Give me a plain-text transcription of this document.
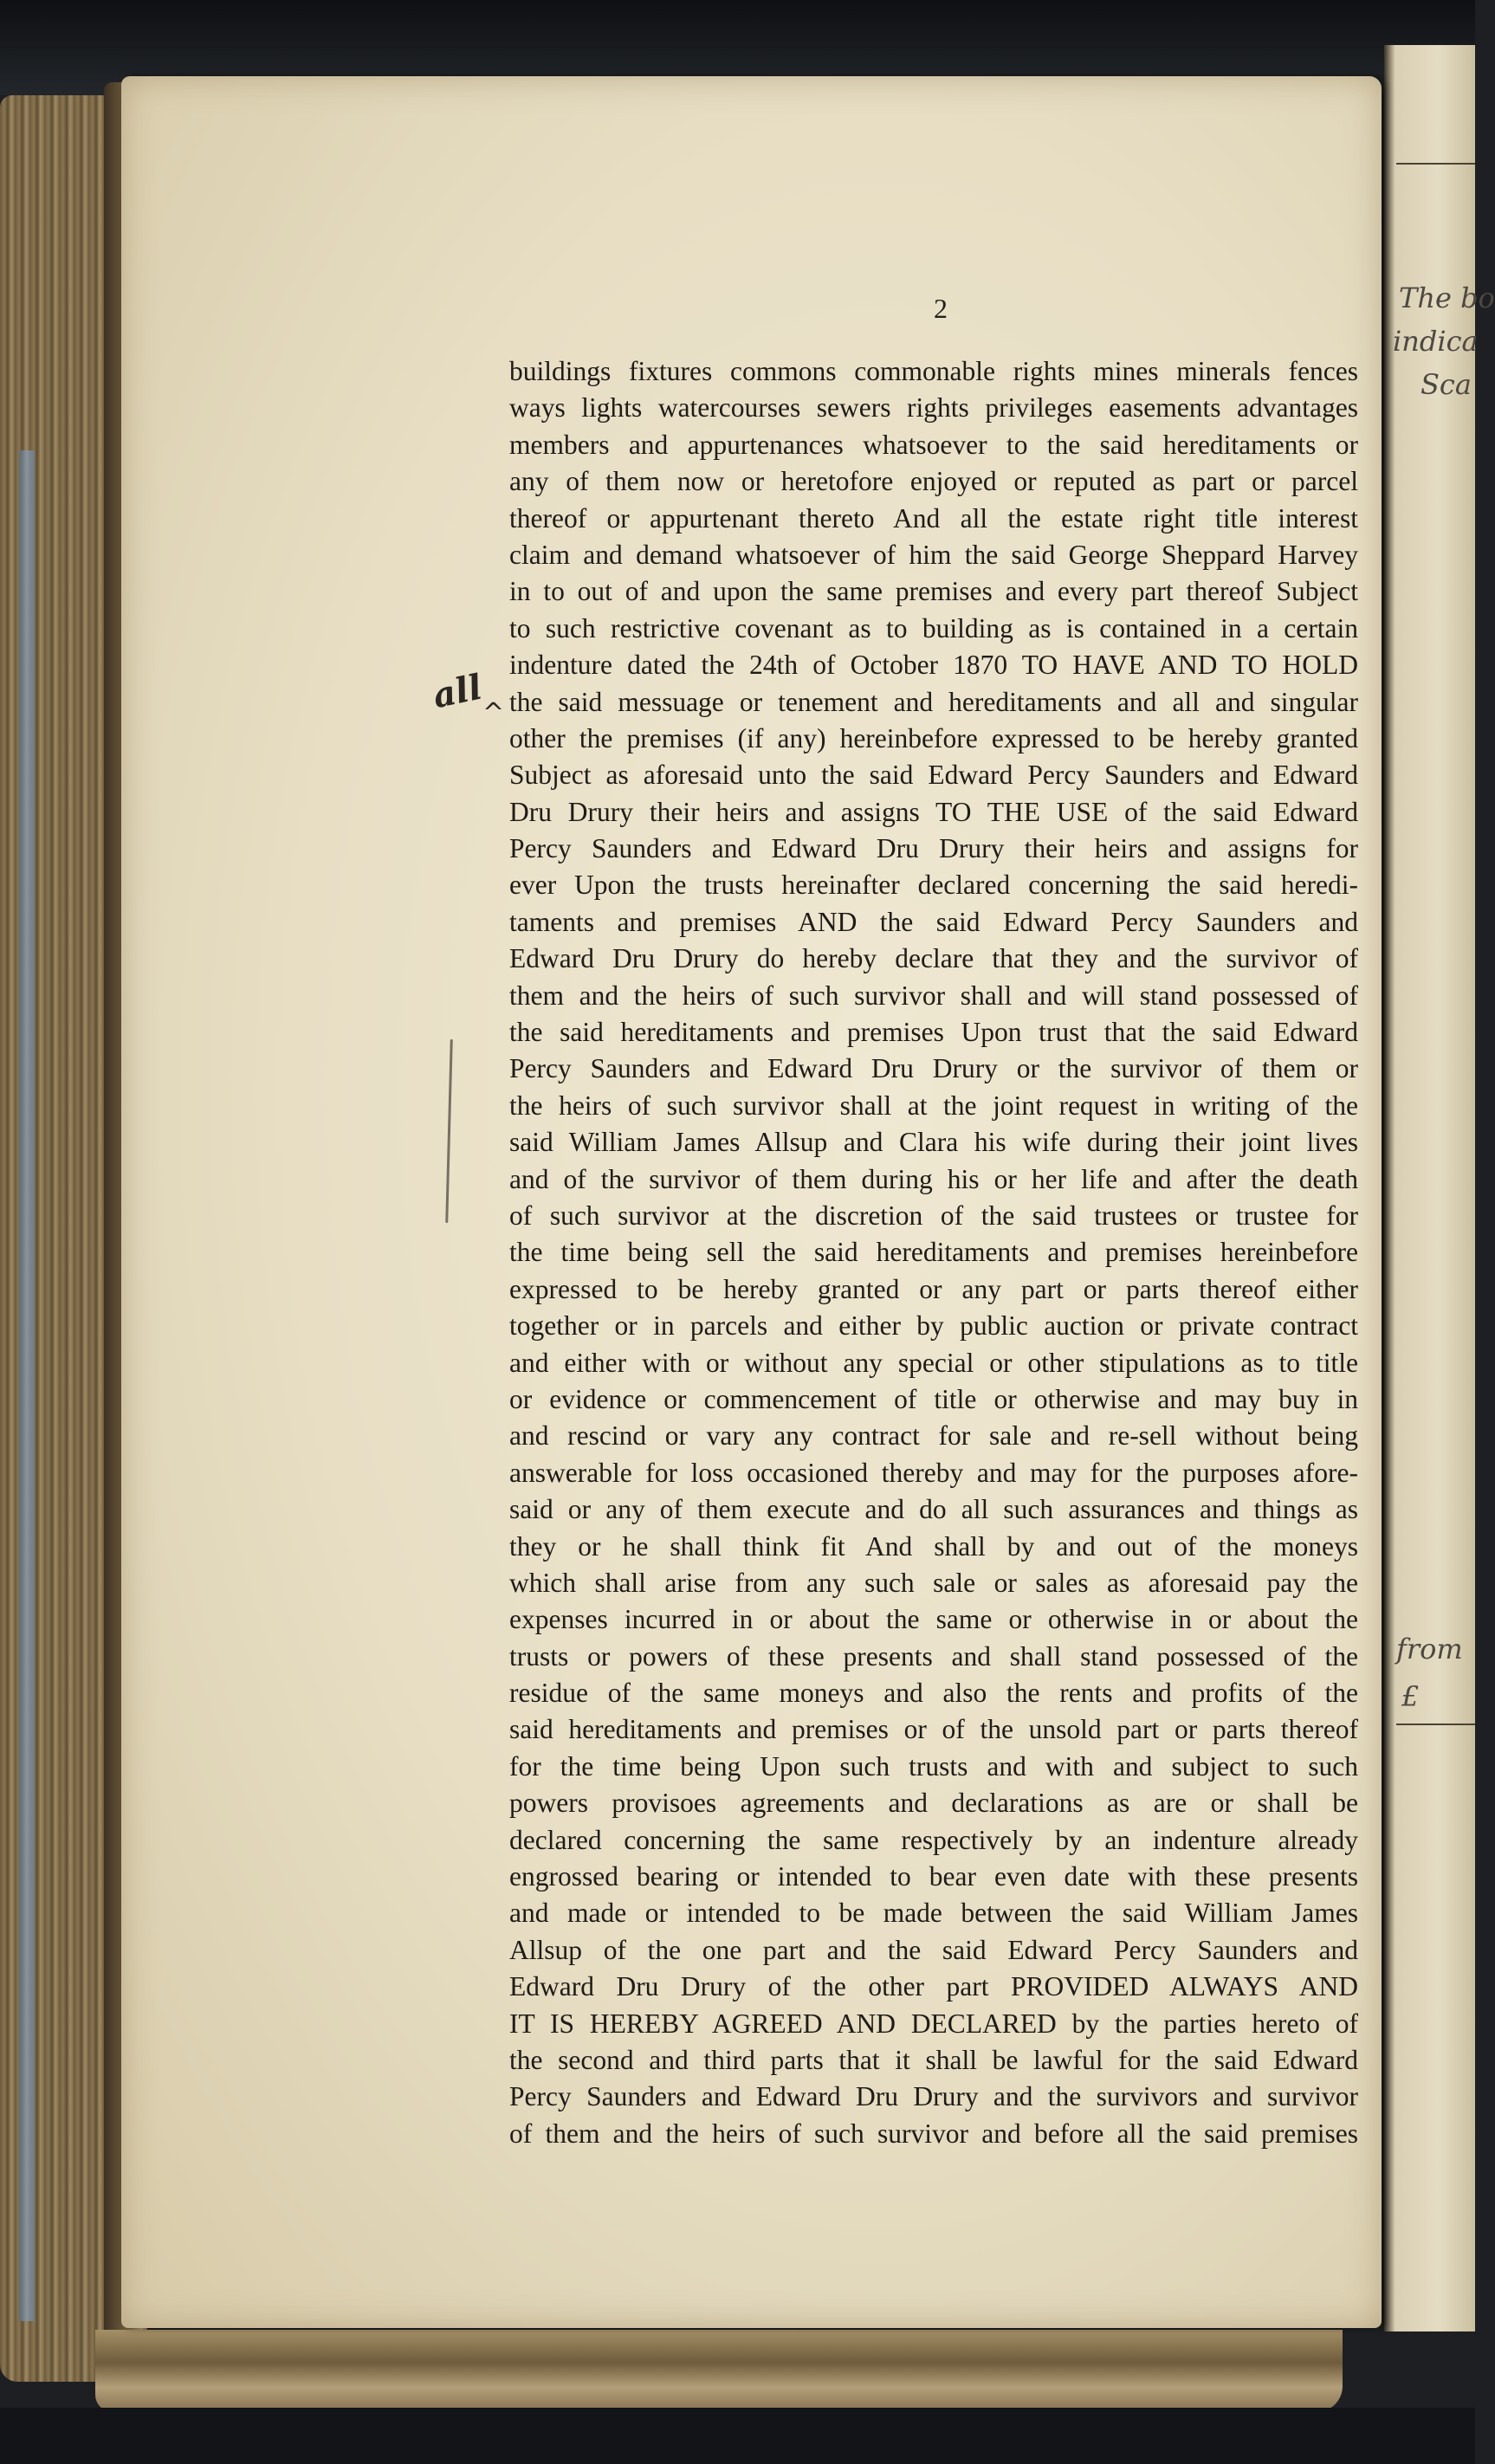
The bo
indica
Sca
from
£
all
^
2
buildings fixtures commons commonable rights mines minerals fences
ways lights watercourses sewers rights privileges easements advantages
members and appurtenances whatsoever to the said hereditaments or
any of them now or heretofore enjoyed or reputed as part or parcel
thereof or appurtenant thereto And all the estate right title interest
claim and demand whatsoever of him the said George Sheppard Harvey
in to out of and upon the same premises and every part thereof Subject
to such restrictive covenant as to building as is contained in a certain
indenture dated the 24th of October 1870 TO HAVE AND TO HOLD
the said messuage or tenement and hereditaments and all and singular
other the premises (if any) hereinbefore expressed to be hereby granted
Subject as aforesaid unto the said Edward Percy Saunders and Edward
Dru Drury their heirs and assigns TO THE USE of the said Edward
Percy Saunders and Edward Dru Drury their heirs and assigns for
ever Upon the trusts hereinafter declared concerning the said heredi-
taments and premises AND the said Edward Percy Saunders and
Edward Dru Drury do hereby declare that they and the survivor of
them and the heirs of such survivor shall and will stand possessed of
the said hereditaments and premises Upon trust that the said Edward
Percy Saunders and Edward Dru Drury or the survivor of them or
the heirs of such survivor shall at the joint request in writing of the
said William James Allsup and Clara his wife during their joint lives
and of the survivor of them during his or her life and after the death
of such survivor at the discretion of the said trustees or trustee for
the time being sell the said hereditaments and premises hereinbefore
expressed to be hereby granted or any part or parts thereof either
together or in parcels and either by public auction or private contract
and either with or without any special or other stipulations as to title
or evidence or commencement of title or otherwise and may buy in
and rescind or vary any contract for sale and re-sell without being
answerable for loss occasioned thereby and may for the purposes afore-
said or any of them execute and do all such assurances and things as
they or he shall think fit And shall by and out of the moneys
which shall arise from any such sale or sales as aforesaid pay the
expenses incurred in or about the same or otherwise in or about the
trusts or powers of these presents and shall stand possessed of the
residue of the same moneys and also the rents and profits of the
said hereditaments and premises or of the unsold part or parts thereof
for the time being Upon such trusts and with and subject to such
powers provisoes agreements and declarations as are or shall be
declared concerning the same respectively by an indenture already
engrossed bearing or intended to bear even date with these presents
and made or intended to be made between the said William James
Allsup of the one part and the said Edward Percy Saunders and
Edward Dru Drury of the other part PROVIDED ALWAYS AND
IT IS HEREBY AGREED AND DECLARED by the parties hereto of
the second and third parts that it shall be lawful for the said Edward
Percy Saunders and Edward Dru Drury and the survivors and survivor
of them and the heirs of such survivor and before all the said premises
